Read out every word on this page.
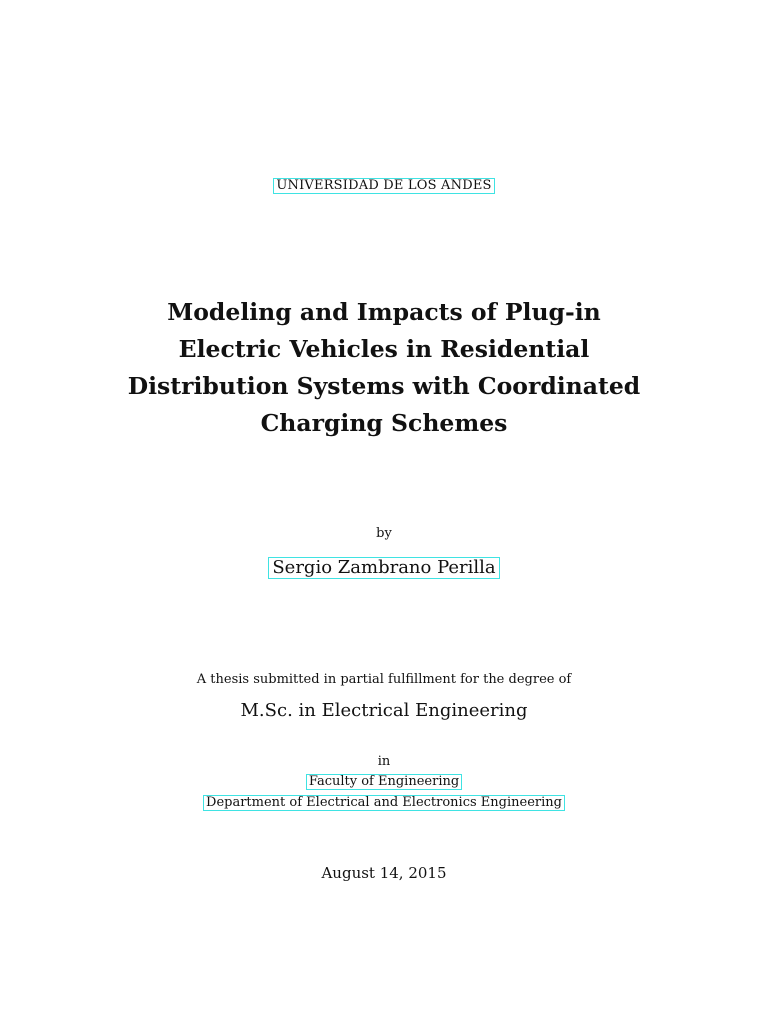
UNIVERSIDAD DE LOS ANDES
Modeling and Impacts of Plug-in
Electric Vehicles in Residential
Distribution Systems with Coordinated
Charging Schemes
by
Sergio Zambrano Perilla
A thesis submitted in partial fulfillment for the degree of
M.Sc. in Electrical Engineering
in
Faculty of Engineering
Department of Electrical and Electronics Engineering
August 14, 2015
